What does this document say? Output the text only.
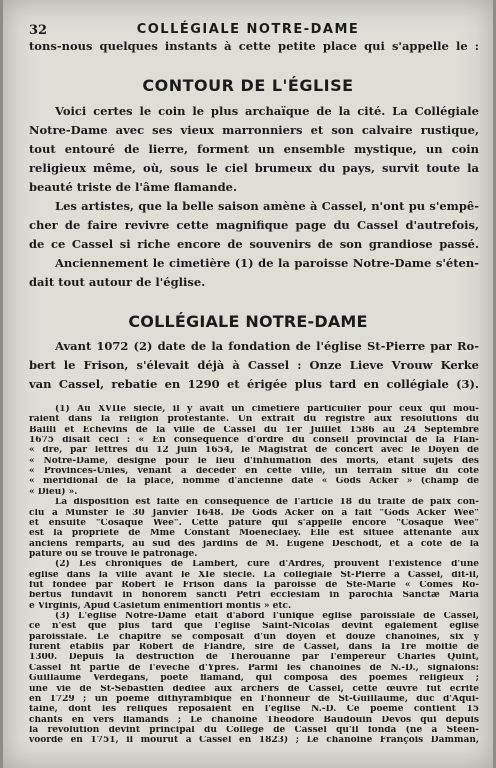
32	COLLÉGIALE NOTRE-DAME
tons-nous quelques instants à cette petite place qui s'appelle le :
CONTOUR DE L'ÉGLISE
Voici certes le coin le plus archaïque de la cité. La Collégiale
Notre-Dame avec ses vieux marronniers et son calvaire rustique,
tout entouré de lierre, forment un ensemble mystique, un coin
religieux même, où, sous le ciel brumeux du pays, survit toute la
beauté triste de l'âme flamande.
Les artistes, que la belle saison amène à Cassel, n'ont pu s'empê-
cher de faire revivre cette magnifique page du Cassel d'autrefois,
de ce Cassel si riche encore de souvenirs de son grandiose passé.
Anciennement le cimetière (1) de la paroisse Notre-Dame s'éten-
dait tout autour de l'église.
COLLÉGIALE NOTRE-DAME
Avant 1072 (2) date de la fondation de l'église St-Pierre par Ro-
bert le Frison, s'élevait déjà à Cassel : Onze Lieve Vrouw Kerke
van Cassel, rebatie en 1290 et érigée plus tard en collégiale (3).
(1) Au XVIIe siècle, il y avait un cimetière particulier pour ceux qui mou-
raient dans la religion protestante. Un extrait du registre aux résolutions du
Bailli et Echevins de la ville de Cassel du 1er Juillet 1586 au 24 Septembre
1675 disait ceci : « En conséquence d'ordre du conseil provincial de la Flan-
« dre, par lettres du 12 Juin 1654, le Magistrat de concert avec le Doyen de
« Notre-Dame, désigne pour le lieu d'inhumation des morts, étant sujets des
« Provinces-Unies, venant à décéder en cette ville, un terrain situé du côté
« méridional de la place, nommé d'ancienne date « Gods Acker » (champ de
« Dieu) ».
La disposition est faite en conséquence de l'article 18 du traité de paix con-
clu à Munster le 30 Janvier 1648. De Gods Acker on a fait "Gods Acker Wee"
et ensuite "Cosaque Wee". Cette pature qui s'appelle encore "Cosaque Wee"
est la propriété de Mme Constant Moeneclaey. Elle est située attenante aux
anciens remparts, au sud des jardins de M. Eugène Deschodt, et à côté de la
pature où se trouve le patronage.
(2) Les chroniques de Lambert, curé d'Ardres, prouvent l'existence d'une
église dans la ville avant le XIe siècle. La collégiale St-Pierre à Cassel, dit-il,
fut fondée par Robert le Frison dans la paroisse de Ste-Marie « Comes Ro-
bertus fundavit in honorem sancti Petri ecclesiam in parochia Sanctæ Maria
e Virginis, Apud Casletum enimentiori montis » etc.
(3) L'église Notre-Dame était d'abord l'unique église paroissiale de Cassel,
ce n'est que plus tard que l'église Saint-Nicolas devint également église
paroissiale. Le chapitre se composait d'un doyen et douze chanoines, six y
furent établis par Robert de Flandre, sire de Cassel, dans la 1re moitié de
1300. Depuis la destruction de Thérouanne par l'empereur Charles Quint,
Cassel fit partie de l'évêché d'Ypres. Parmi les chanoines de N.-D., signalons:
Guillaume Verdegans, poète flamand, qui composa des poèmes religieux ;
une vie de St-Sébastien dédiée aux archers de Cassel, cette œuvre fut écrite
en 1729 ; un poème dithyrambique en l'honneur de St-Guillaume, duc d'Aqui-
taine, dont les reliques reposaient en l'église N.-D. Ce poème contient 15
chants en vers flamands ; Le chanoine Théodore Baudouin Devos qui depuis
la révolution devint principal du Collège de Cassel qu'il fonda (né à Steen-
voorde en 1751, il mourut à Cassel en 1823) ; Le chanoine François Damman,
